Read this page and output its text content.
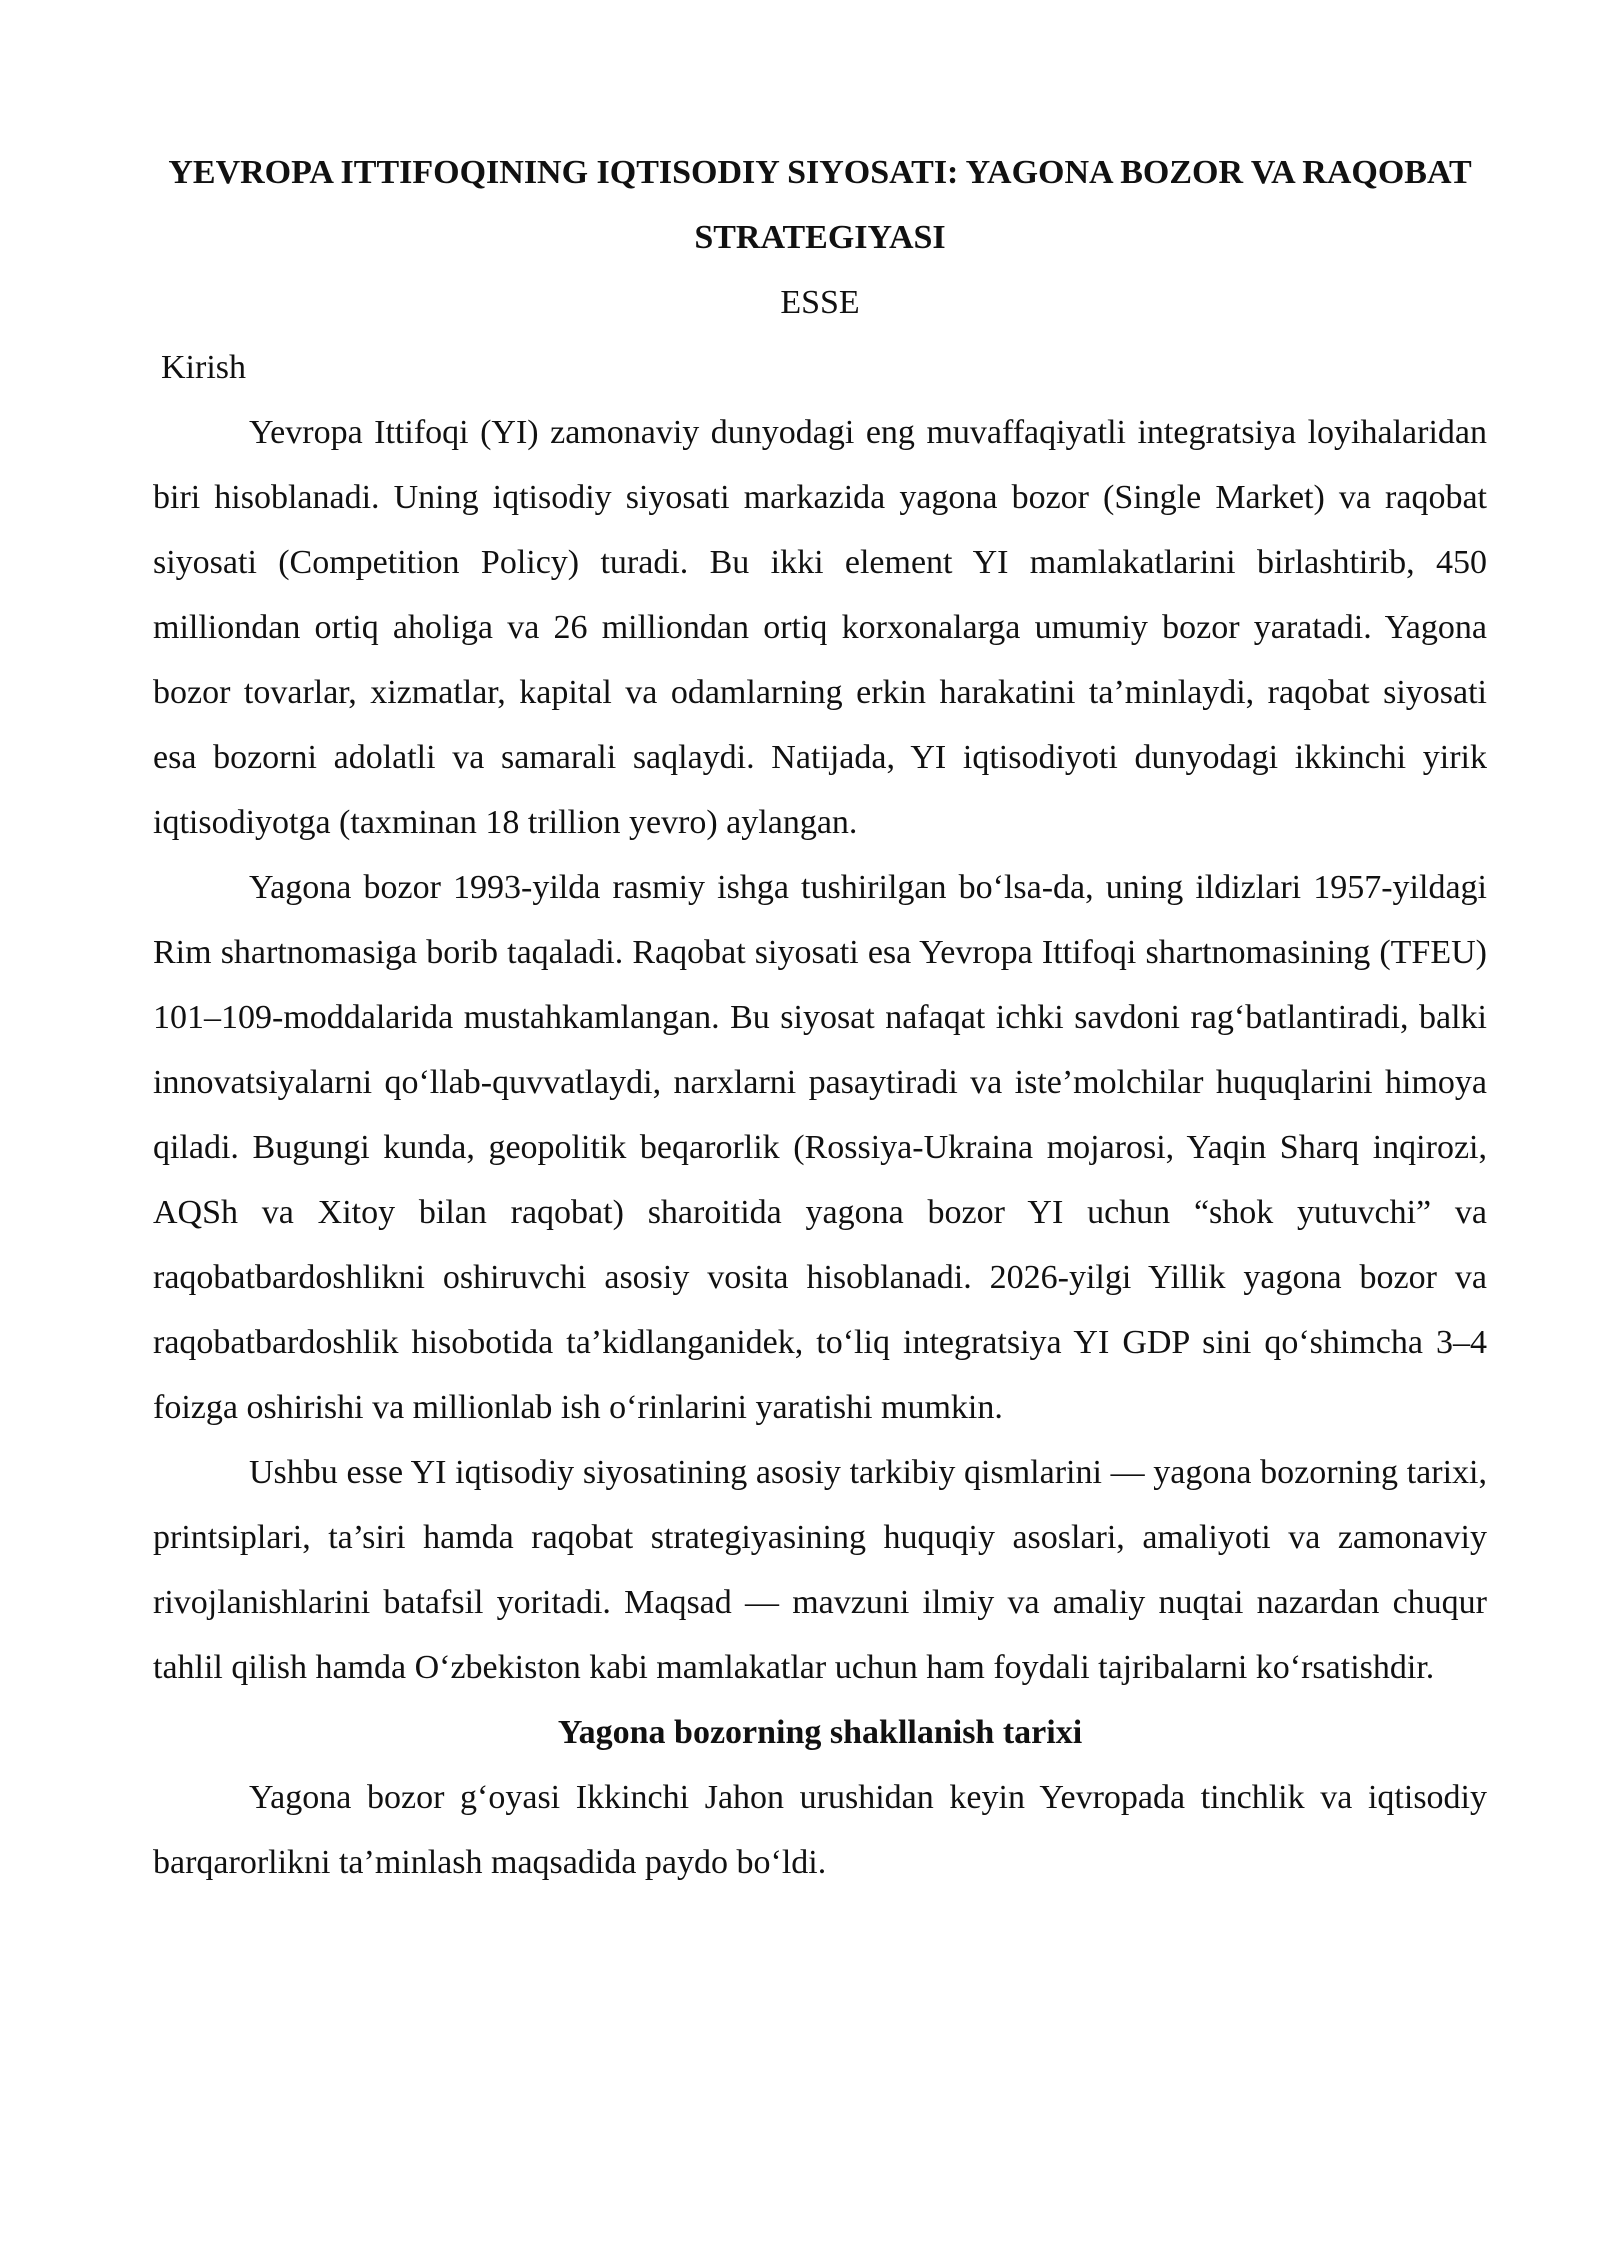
YEVROPA ITTIFOQINING IQTISODIY SIYOSATI: YAGONA BOZOR VA RAQOBAT STRATEGIYASI

ESSE

Kirish

Yevropa Ittifoqi (YI) zamonaviy dunyodagi eng muvaffaqiyatli integratsiya loyihalaridan biri hisoblanadi. Uning iqtisodiy siyosati markazida yagona bozor (Single Market) va raqobat siyosati (Competition Policy) turadi. Bu ikki element YI mamlakatlarini birlashtirib, 450 milliondan ortiq aholiga va 26 milliondan ortiq korxonalarga umumiy bozor yaratadi. Yagona bozor tovarlar, xizmatlar, kapital va odamlarning erkin harakatini ta’minlaydi, raqobat siyosati esa bozorni adolatli va samarali saqlaydi. Natijada, YI iqtisodiyoti dunyodagi ikkinchi yirik iqtisodiyotga (taxminan 18 trillion yevro) aylangan.

Yagona bozor 1993-yilda rasmiy ishga tushirilgan bo‘lsa-da, uning ildizlari 1957-yildagi Rim shartnomasiga borib taqaladi. Raqobat siyosati esa Yevropa Ittifoqi shartnomasining (TFEU) 101–109-moddalarida mustahkamlangan. Bu siyosat nafaqat ichki savdoni rag‘batlantiradi, balki innovatsiyalarni qo‘llab-quvvatlaydi, narxlarni pasaytiradi va iste’molchilar huquqlarini himoya qiladi. Bugungi kunda, geopolitik beqarorlik (Rossiya-Ukraina mojarosi, Yaqin Sharq inqirozi, AQSh va Xitoy bilan raqobat) sharoitida yagona bozor YI uchun “shok yutuvchi” va raqobatbardoshlikni oshiruvchi asosiy vosita hisoblanadi. 2026-yilgi Yillik yagona bozor va raqobatbardoshlik hisobotida ta’kidlanganidek, to‘liq integratsiya YI GDP sini qo‘shimcha 3–4 foizga oshirishi va millionlab ish o‘rinlarini yaratishi mumkin.

Ushbu esse YI iqtisodiy siyosatining asosiy tarkibiy qismlarini — yagona bozorning tarixi, printsiplari, ta’siri hamda raqobat strategiyasining huquqiy asoslari, amaliyoti va zamonaviy rivojlanishlarini batafsil yoritadi. Maqsad — mavzuni ilmiy va amaliy nuqtai nazardan chuqur tahlil qilish hamda O‘zbekiston kabi mamlakatlar uchun ham foydali tajribalarni ko‘rsatishdir.

Yagona bozorning shakllanish tarixi

Yagona bozor g‘oyasi Ikkinchi Jahon urushidan keyin Yevropada tinchlik va iqtisodiy barqarorlikni ta’minlash maqsadida paydo bo‘ldi.
